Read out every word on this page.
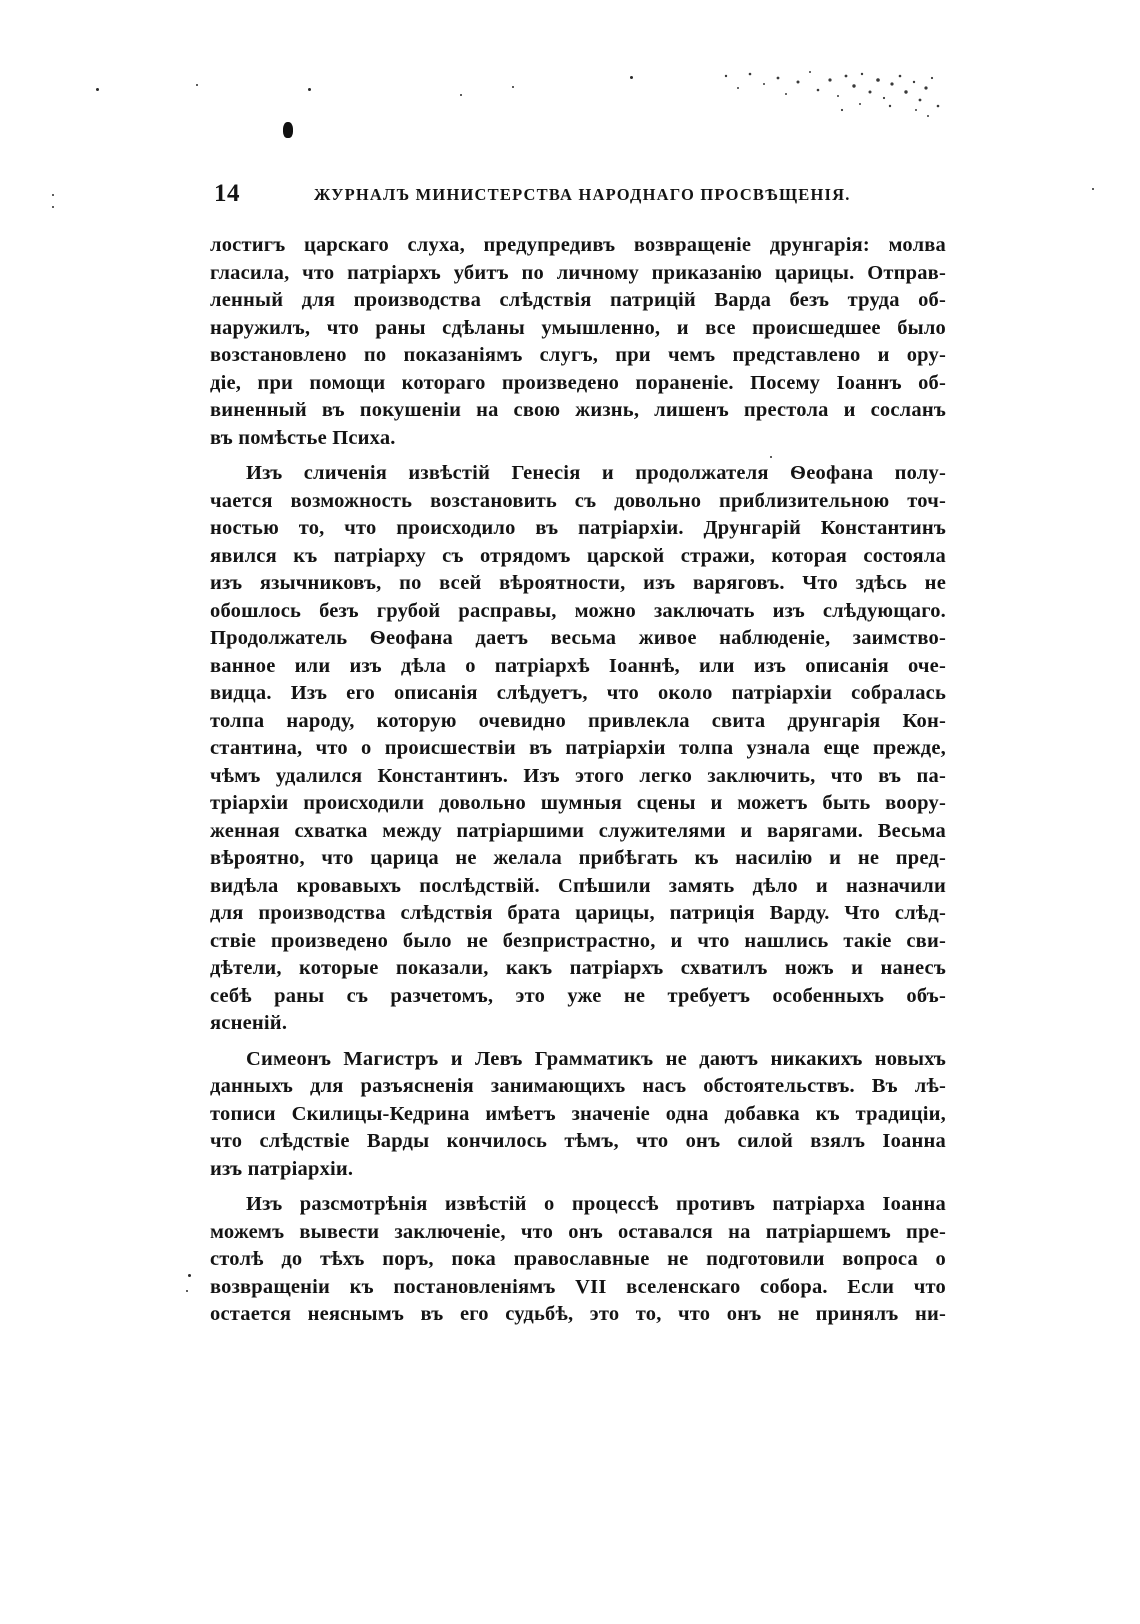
14	ЖУРНАЛЪ МИНИСТЕРСТВА НАРОДНАГО ПРОСВѢЩЕНІЯ.
лостигъ царскаго слуха, предупредивъ возвращеніе друнгарія: молва
гласила, что патріархъ убитъ по личному приказанію царицы. Отправ-
ленный для производства слѣдствія патрицій Варда безъ труда об-
наружилъ, что раны сдѣланы умышленно, и все происшедшее было
возстановлено по показаніямъ слугъ, при чемъ представлено и ору-
діе, при помощи котораго произведено пораненіе. Посему Іоаннъ об-
виненный въ покушеніи на свою жизнь, лишенъ престола и сосланъ
въ помѣстье Психа.
Изъ сличенія извѣстій Генесія и продолжателя Ѳеофана полу-
чается возможность возстановить съ довольно приблизительною точ-
ностью то, что происходило въ патріархіи. Друнгарій Константинъ
явился къ патріарху съ отрядомъ царской стражи, которая состояла
изъ язычниковъ, по всей вѣроятности, изъ варяговъ. Что здѣсь не
обошлось безъ грубой расправы, можно заключать изъ слѣдующаго.
Продолжатель Ѳеофана даетъ весьма живое наблюденіе, заимство-
ванное или изъ дѣла о патріархѣ Іоаннѣ, или изъ описанія оче-
видца. Изъ его описанія слѣдуетъ, что около патріархіи собралась
толпа народу, которую очевидно привлекла свита друнгарія Кон-
стантина, что о происшествіи въ патріархіи толпа узнала еще прежде,
чѣмъ удалился Константинъ. Изъ этого легко заключить, что въ па-
тріархіи происходили довольно шумныя сцены и можетъ быть воору-
женная схватка между патріаршими служителями и варягами. Весьма
вѣроятно, что царица не желала прибѣгать къ насилію и не пред-
видѣла кровавыхъ послѣдствій. Спѣшили замять дѣло и назначили
для производства слѣдствія брата царицы, патриція Варду. Что слѣд-
ствіе произведено было не безпристрастно, и что нашлись такіе сви-
дѣтели, которые показали, какъ патріархъ схватилъ ножъ и нанесъ
себѣ раны съ разчетомъ, это уже не требуетъ особенныхъ объ-
ясненій.
Симеонъ Магистръ и Левъ Грамматикъ не даютъ никакихъ новыхъ
данныхъ для разъясненія занимающихъ насъ обстоятельствъ. Въ лѣ-
тописи Скилицы-Кедрина имѣетъ значеніе одна добавка къ традиціи,
что слѣдствіе Варды кончилось тѣмъ, что онъ силой взялъ Іоанна
изъ патріархіи.
Изъ разсмотрѣнія извѣстій о процессѣ противъ патріарха Іоанна
можемъ вывести заключеніе, что онъ оставался на патріаршемъ пре-
столѣ до тѣхъ поръ, пока православные не подготовили вопроса о
возвращеніи къ постановленіямъ VII вселенскаго собора. Если что
остается неяснымъ въ его судьбѣ, это то, что онъ не принялъ ни-
